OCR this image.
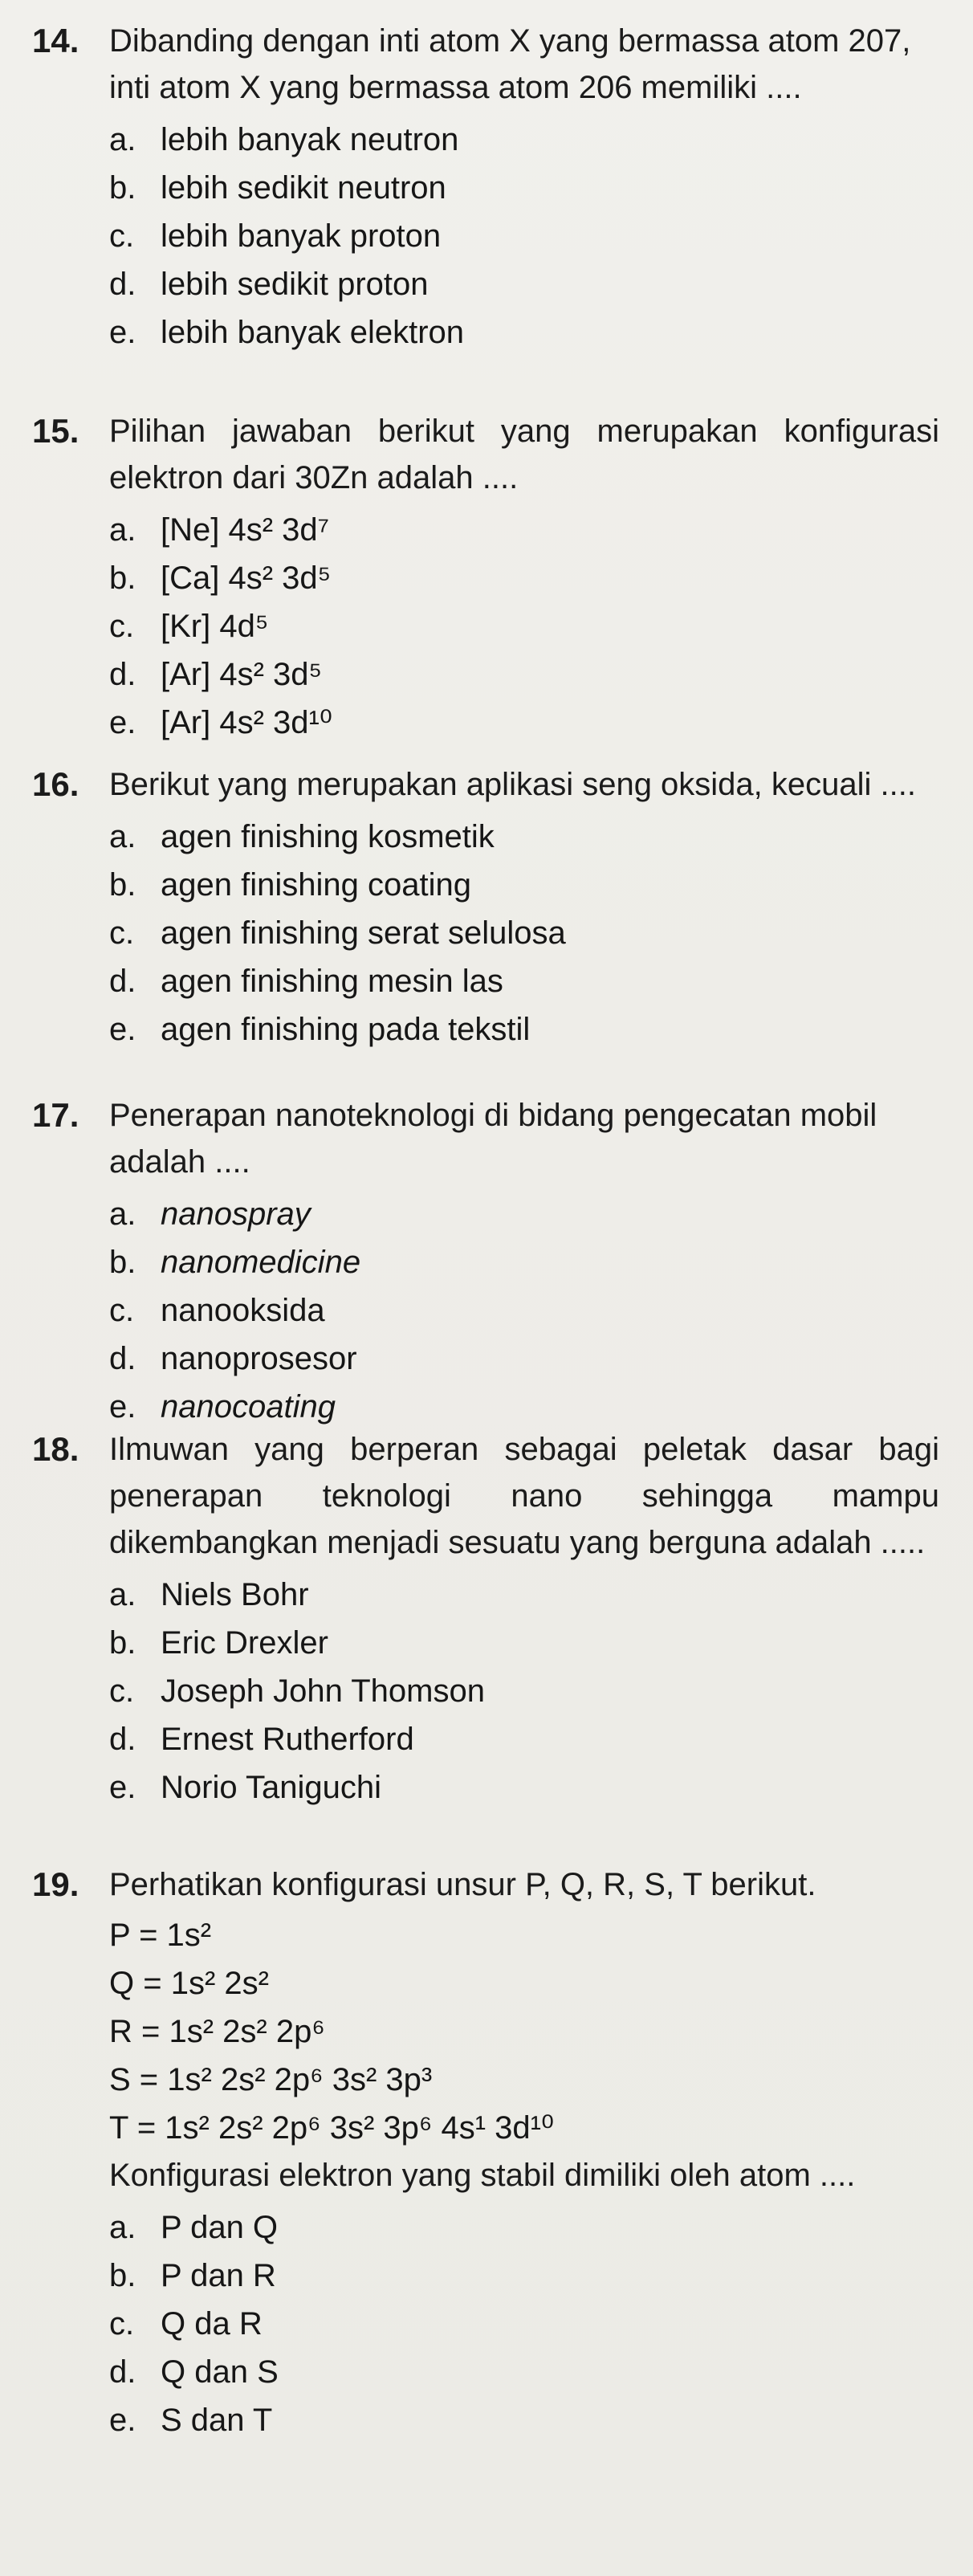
14. Dibanding dengan inti atom X yang bermassa atom 207, inti atom X yang bermassa atom 206 memiliki ....
a. lebih banyak neutron
b. lebih sedikit neutron
c. lebih banyak proton
d. lebih sedikit proton
e. lebih banyak elektron
15. Pilihan jawaban berikut yang merupakan konfigurasi elektron dari 30Zn adalah ....
a. [Ne] 4s² 3d⁷
b. [Ca] 4s² 3d⁵
c. [Kr] 4d⁵
d. [Ar] 4s² 3d⁵
e. [Ar] 4s² 3d¹⁰
16. Berikut yang merupakan aplikasi seng oksida, kecuali ....
a. agen finishing kosmetik
b. agen finishing coating
c. agen finishing serat selulosa
d. agen finishing mesin las
e. agen finishing pada tekstil
17. Penerapan nanoteknologi di bidang pengecatan mobil adalah ....
a. nanospray
b. nanomedicine
c. nanooksida
d. nanoprosesor
e. nanocoating
18. Ilmuwan yang berperan sebagai peletak dasar bagi penerapan teknologi nano sehingga mampu dikembangkan menjadi sesuatu yang berguna adalah .....
a. Niels Bohr
b. Eric Drexler
c. Joseph John Thomson
d. Ernest Rutherford
e. Norio Taniguchi
19. Perhatikan konfigurasi unsur P, Q, R, S, T berikut.
P = 1s²
Q = 1s² 2s²
R = 1s² 2s² 2p⁶
S = 1s² 2s² 2p⁶ 3s² 3p³
T = 1s² 2s² 2p⁶ 3s² 3p⁶ 4s¹ 3d¹⁰
Konfigurasi elektron yang stabil dimiliki oleh atom ....
a. P dan Q
b. P dan R
c. Q da R
d. Q dan S
e. S dan T
